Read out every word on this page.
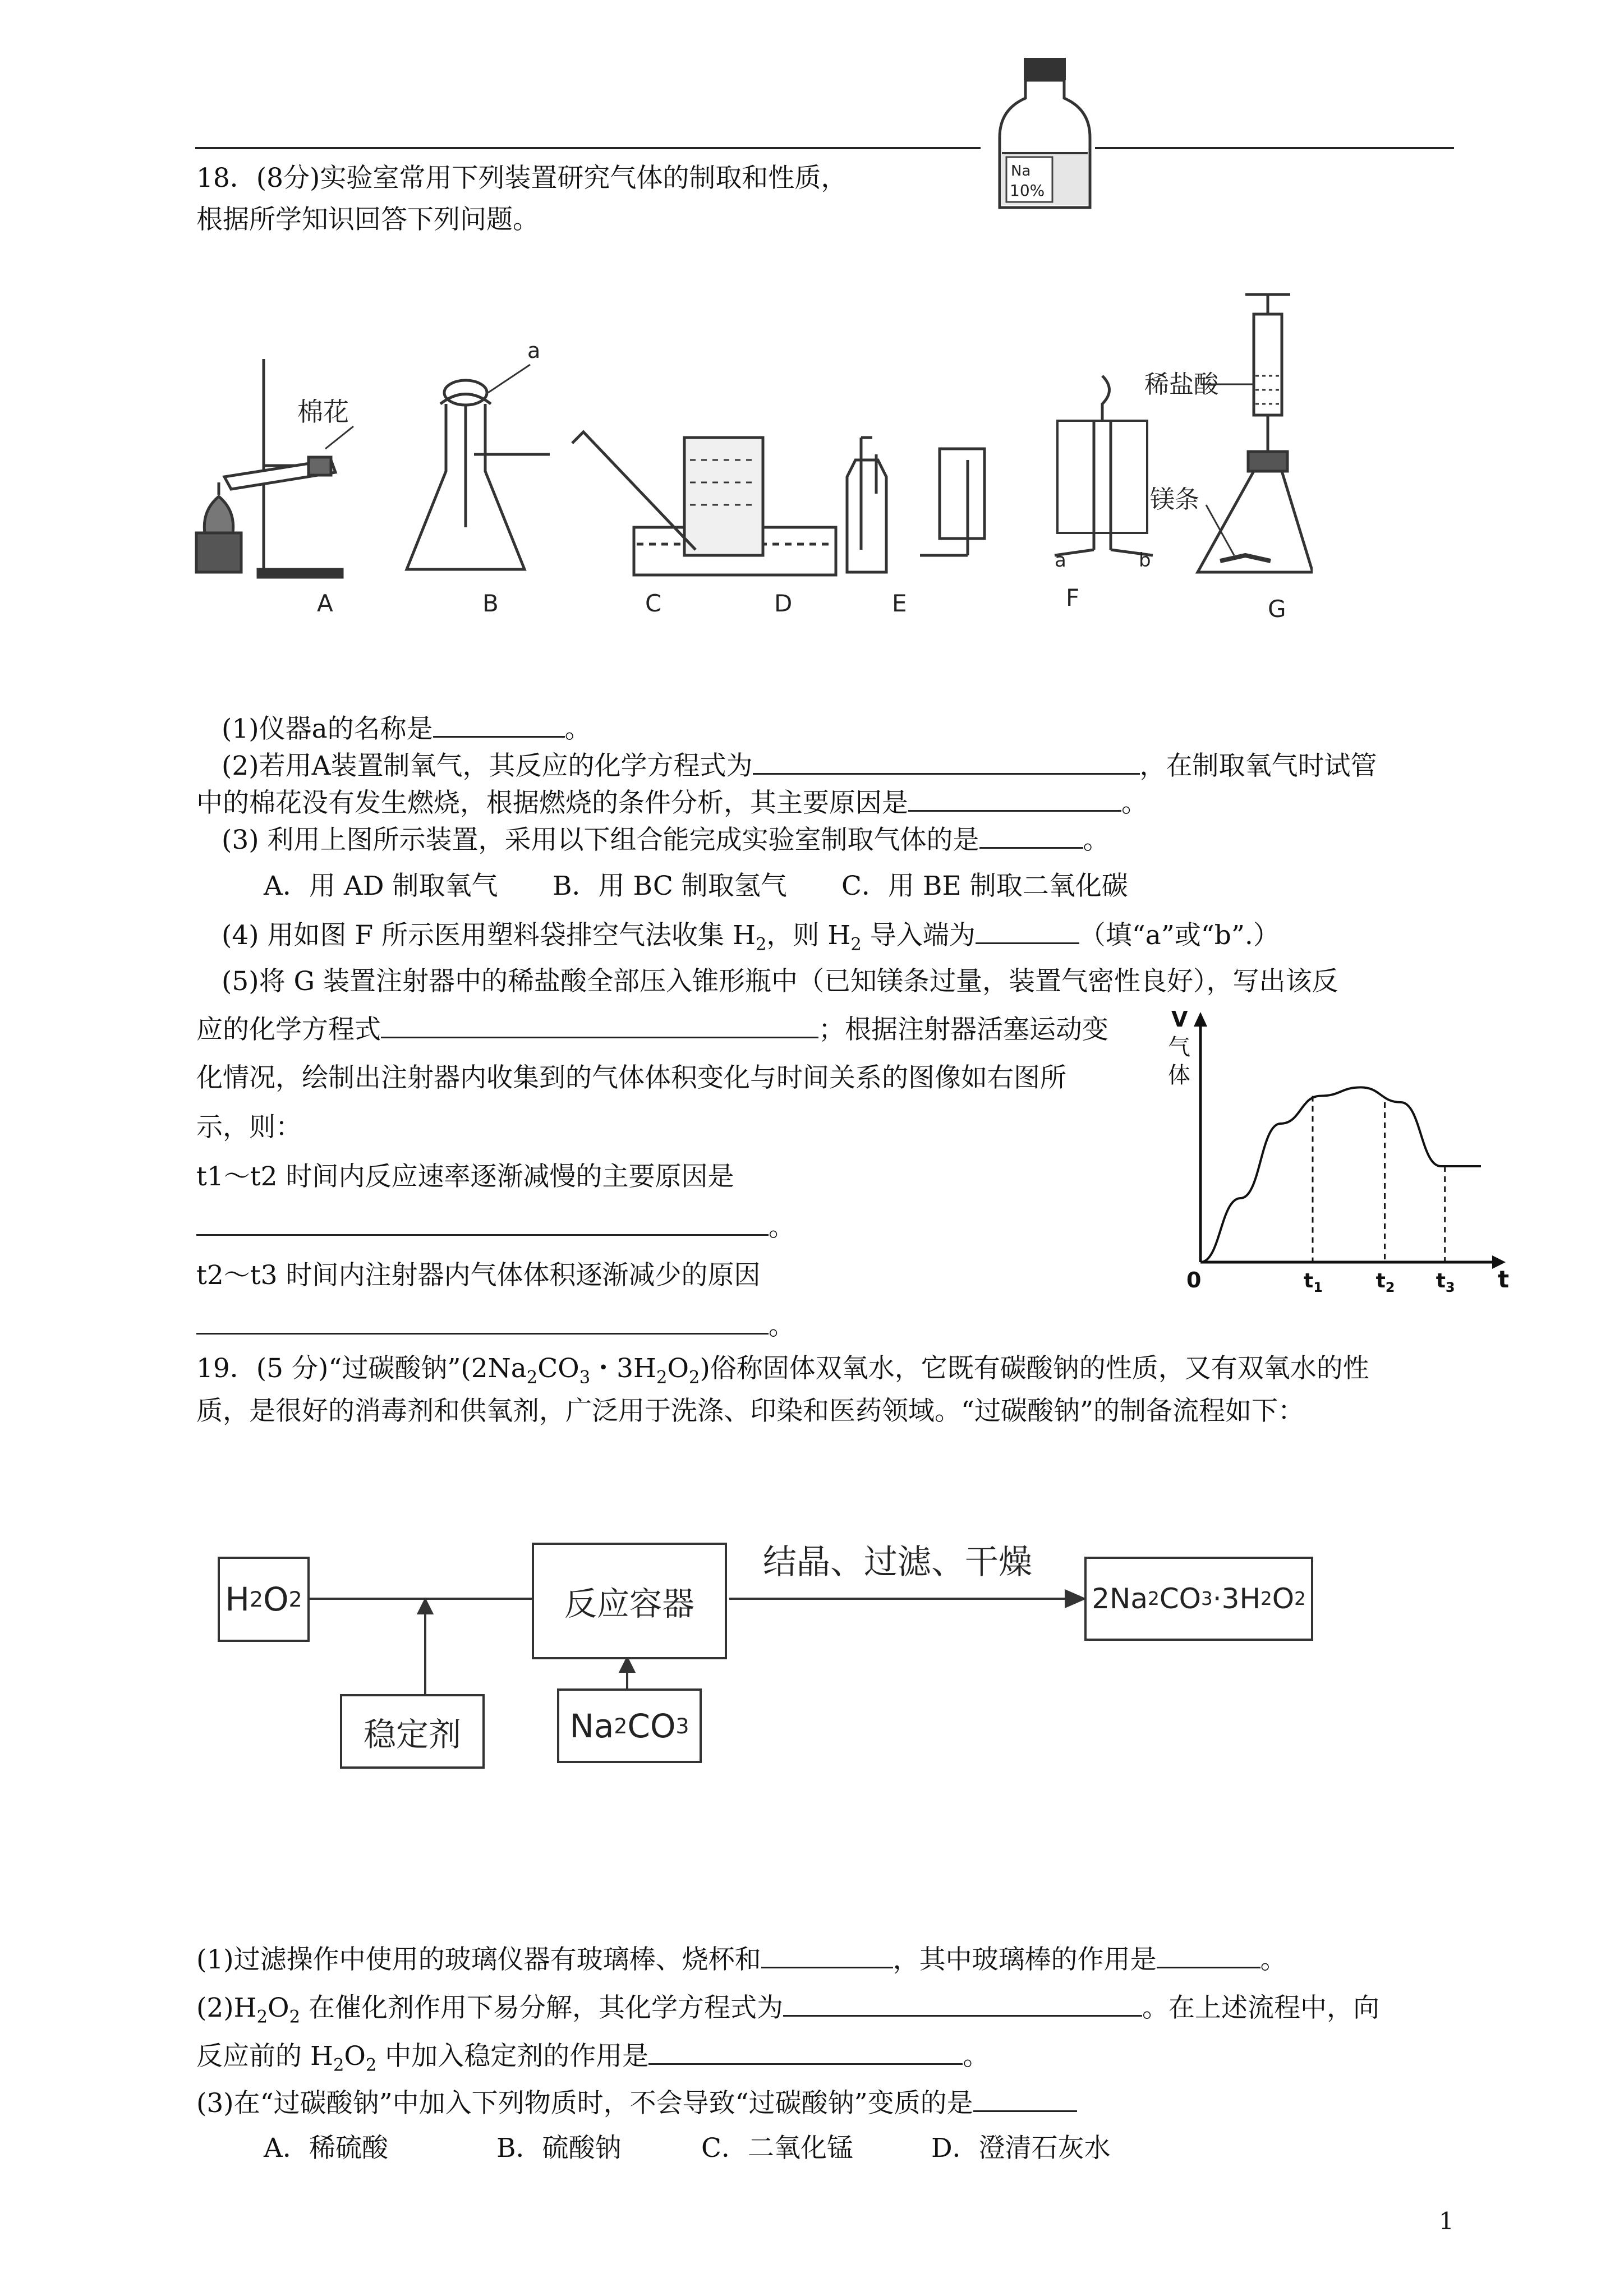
Na
10%
18．(8分)实验室常用下列装置研究气体的制取和性质，
根据所学知识回答下列问题。
棉花
a
a	b
稀盐酸
镁条
A	B	C	D	E	F	G
(1)仪器a的名称是	。
(2)若用A装置制氧气，其反应的化学方程式为	，在制取氧气时试管
中的棉花没有发生燃烧，根据燃烧的条件分析，其主要原因是	。
(3) 利用上图所示装置，采用以下组合能完成实验室制取气体的是	。
A．用 AD 制取氧气 B．用 BC 制取氢气 C．用 BE 制取二氧化碳
(4) 用如图 F 所示医用塑料袋排空气法收集 $H_2$，则 $H_2$ 导入端为	（填“a”或“b”.）
(5)将 G 装置注射器中的稀盐酸全部压入锥形瓶中（已知镁条过量，装置气密性良好），写出该反
应的化学方程式	；根据注射器活塞运动变
化情况，绘制出注射器内收集到的气体体积变化与时间关系的图像如右图所
示，则：
t1～t2 时间内反应速率逐渐减慢的主要原因是
。
t2～t3 时间内注射器内气体体积逐渐减少的原因
。
V
气
体
0	t
$t_1$	$t_2$ $t_3$
19．(5 分)“过碳酸钠$”(2Na_2CO_3$・$3H_2O_2$)俗称固体双氧水，它既有碳酸钠的性质，又有双氧水的性
质，是很好的消毒剂和供氧剂，广泛用于洗涤、印染和医药领域。“过碳酸钠”的制备流程如下：
结晶、过滤、干燥
H 2 O 2	反应容器	2Na 2 CO 3 ·3H 2 O 2
稳定剂	Na 2 CO 3
(1)过滤操作中使用的玻璃仪器有玻璃棒、烧杯和	，其中玻璃棒的作用是	。
$(2)H_2O_2$ 在催化剂作用下易分解，其化学方程式为	。在上述流程中，向
反应前的 $H_2O_2$ 中加入稳定剂的作用是	。
(3)在“过碳酸钠”中加入下列物质时，不会导致“过碳酸钠”变质的是
A．稀硫酸	B．硫酸钠	C．二氧化锰	D．澄清石灰水
1
